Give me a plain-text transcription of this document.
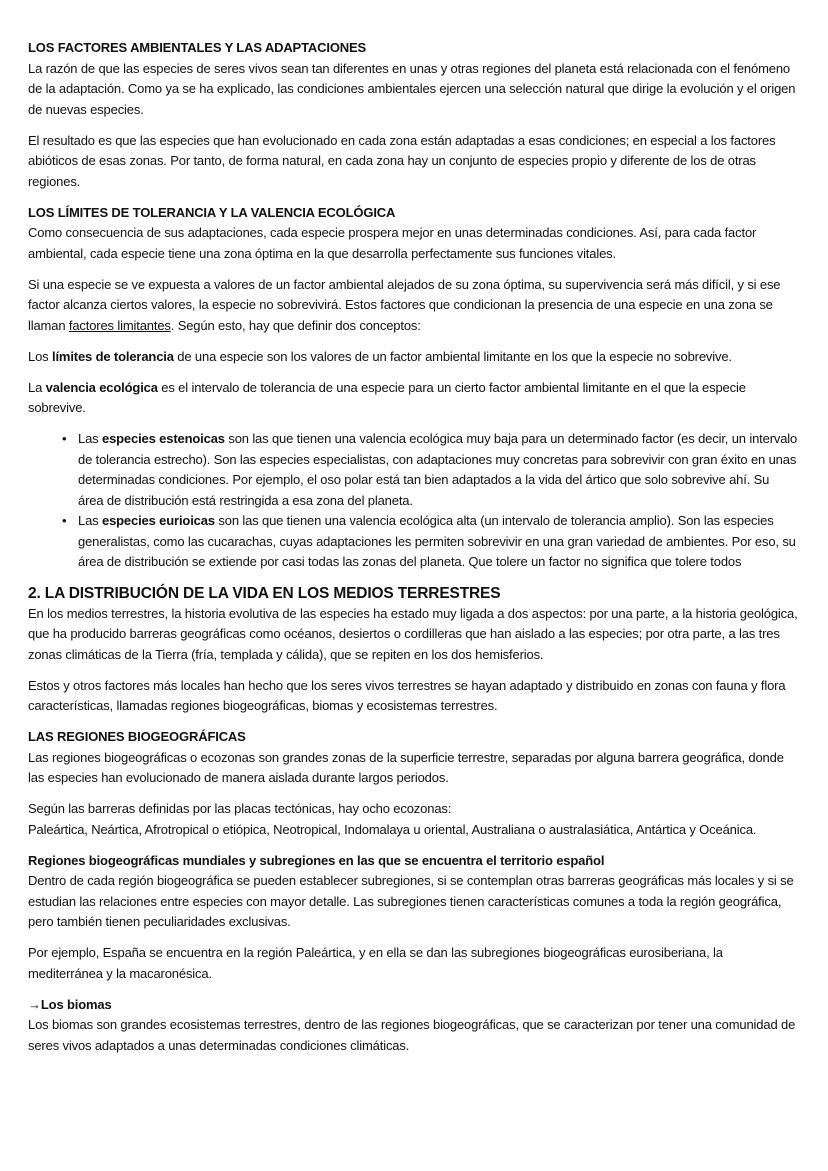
LOS FACTORES AMBIENTALES Y LAS ADAPTACIONES

La razón de que las especies de seres vivos sean tan diferentes en unas y otras regiones del planeta está relacionada con el fenómeno de la adaptación. Como ya se ha explicado, las condiciones ambientales ejercen una selección natural que dirige la evolución y el origen de nuevas especies.

El resultado es que las especies que han evolucionado en cada zona están adaptadas a esas condiciones; en especial a los factores abióticos de esas zonas. Por tanto, de forma natural, en cada zona hay un conjunto de especies propio y diferente de los de otras regiones.

LOS LÍMITES DE TOLERANCIA Y LA VALENCIA ECOLÓGICA

Como consecuencia de sus adaptaciones, cada especie prospera mejor en unas determinadas condiciones. Así, para cada factor ambiental, cada especie tiene una zona óptima en la que desarrolla perfectamente sus funciones vitales.

Si una especie se ve expuesta a valores de un factor ambiental alejados de su zona óptima, su supervivencia será más difícil, y si ese factor alcanza ciertos valores, la especie no sobrevivirá. Estos factores que condicionan la presencia de una especie en una zona se llaman factores limitantes. Según esto, hay que definir dos conceptos:

Los límites de tolerancia de una especie son los valores de un factor ambiental limitante en los que la especie no sobrevive.

La valencia ecológica es el intervalo de tolerancia de una especie para un cierto factor ambiental limitante en el que la especie sobrevive.

• Las especies estenoicas son las que tienen una valencia ecológica muy baja para un determinado factor (es decir, un intervalo de tolerancia estrecho). Son las especies especialistas, con adaptaciones muy concretas para sobrevivir con gran éxito en unas determinadas condiciones. Por ejemplo, el oso polar está tan bien adaptados a la vida del ártico que solo sobrevive ahí. Su área de distribución está restringida a esa zona del planeta.
• Las especies eurioicas son las que tienen una valencia ecológica alta (un intervalo de tolerancia amplio). Son las especies generalistas, como las cucarachas, cuyas adaptaciones les permiten sobrevivir en una gran variedad de ambientes. Por eso, su área de distribución se extiende por casi todas las zonas del planeta. Que tolere un factor no significa que tolere todos
2. LA DISTRIBUCIÓN DE LA VIDA EN LOS MEDIOS TERRESTRES

En los medios terrestres, la historia evolutiva de las especies ha estado muy ligada a dos aspectos: por una parte, a la historia geológica, que ha producido barreras geográficas como océanos, desiertos o cordilleras que han aislado a las especies; por otra parte, a las tres zonas climáticas de la Tierra (fría, templada y cálida), que se repiten en los dos hemisferios.

Estos y otros factores más locales han hecho que los seres vivos terrestres se hayan adaptado y distribuido en zonas con fauna y flora características, llamadas regiones biogeográficas, biomas y ecosistemas terrestres.

LAS REGIONES BIOGEOGRÁFICAS

Las regiones biogeográficas o ecozonas son grandes zonas de la superficie terrestre, separadas por alguna barrera geográfica, donde las especies han evolucionado de manera aislada durante largos periodos.

Según las barreras definidas por las placas tectónicas, hay ocho ecozonas:
Paleártica, Neártica, Afrotropical o etiópica, Neotropical, Indomalaya u oriental, Australiana o australasiática, Antártica y Oceánica.

Regiones biogeográficas mundiales y subregiones en las que se encuentra el territorio español

Dentro de cada región biogeográfica se pueden establecer subregiones, si se contemplan otras barreras geográficas más locales y si se estudian las relaciones entre especies con mayor detalle. Las subregiones tienen características comunes a toda la región geográfica, pero también tienen peculiaridades exclusivas.

Por ejemplo, España se encuentra en la región Paleártica, y en ella se dan las subregiones biogeográficas eurosiberiana, la mediterránea y la macaronésica.

→Los biomas

Los biomas son grandes ecosistemas terrestres, dentro de las regiones biogeográficas, que se caracterizan por tener una comunidad de seres vivos adaptados a unas determinadas condiciones climáticas.
